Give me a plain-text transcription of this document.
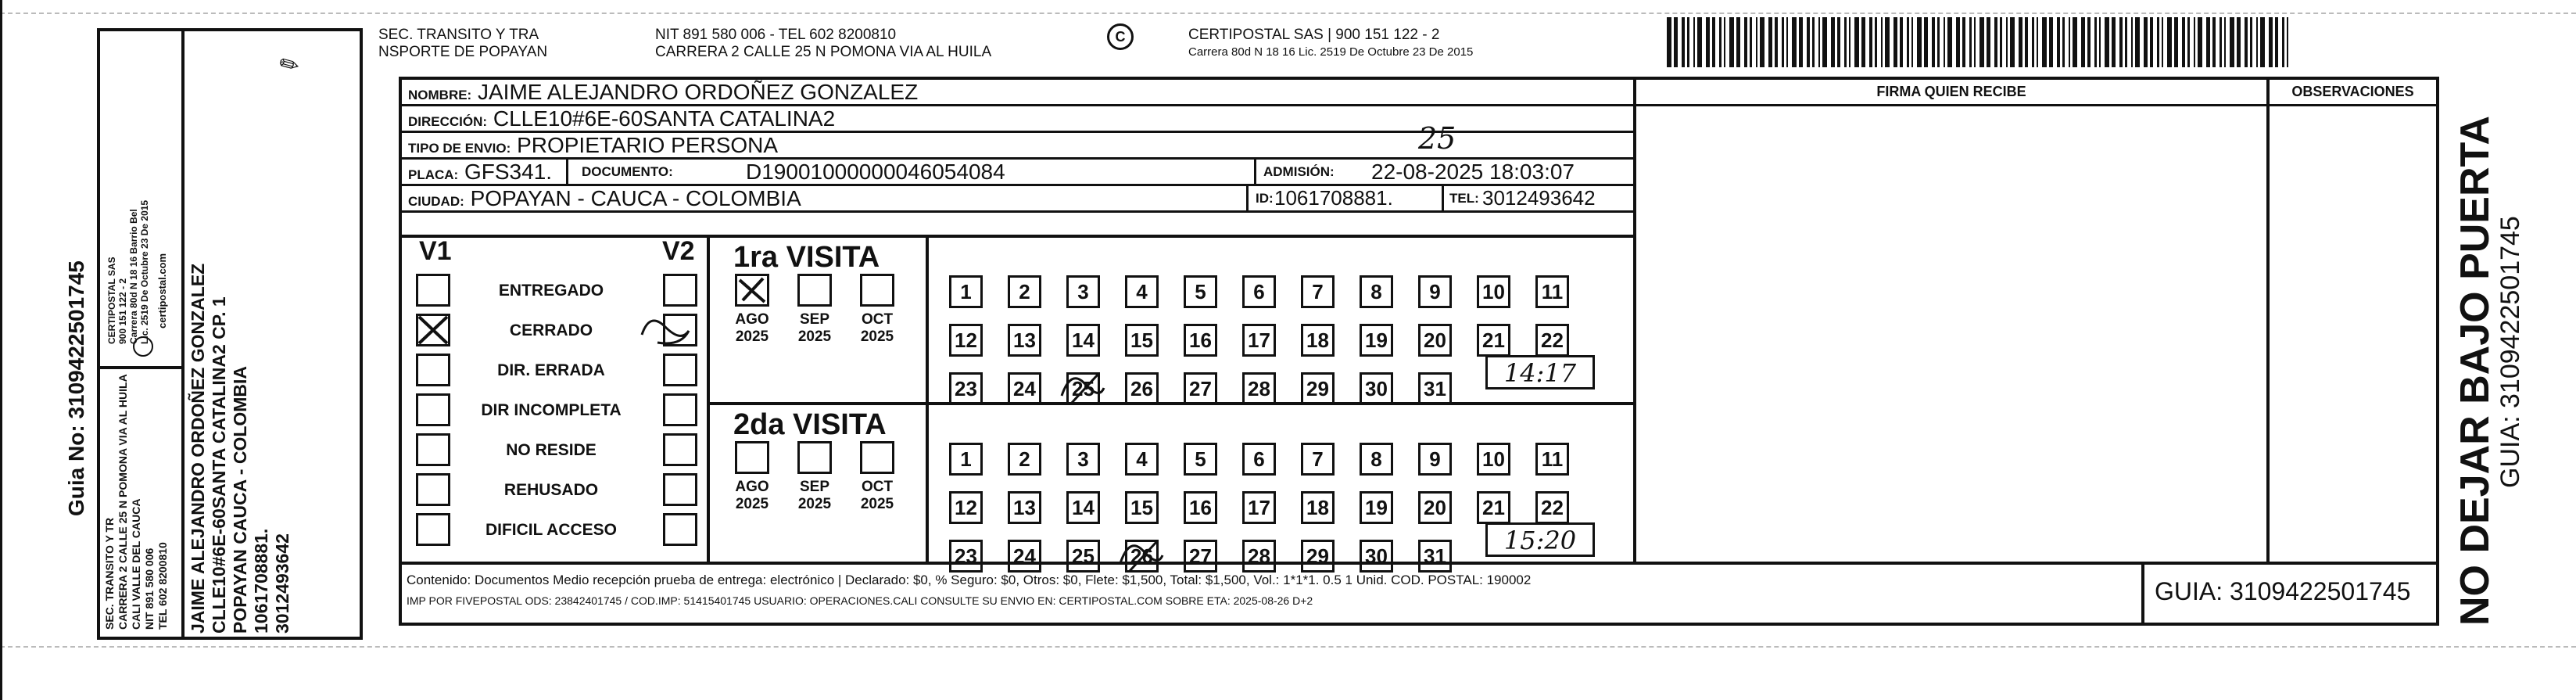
Guia No: 3109422501745
SEC. TRANSITO Y TR CARRERA 2 CALLE 25 N POMONA VIA AL HUILA CALI VALLE DEL CAUCA NIT 891 580 006 TEL 602 8200810
CERTIPOSTAL SAS 900 151 122 - 2 Carrera 80d N 18 16 Barrio Bel Lic. 2519 De Octubre 23 De 2015 certipostal.com JAIME ALEJANDRO ORDOÑEZ GONZALEZ CLLE10#6E-60SANTA CATALINA2 CP. 1 POPAYAN CAUCA - COLOMBIA 1061708881. 3012493642
✎
SEC. TRANSITO Y TRA
NSPORTE DE POPAYAN
NIT 891 580 006 - TEL 602 8200810
CARRERA 2 CALLE 25 N POMONA VIA AL HUILA
C	CERTIPOSTAL SAS | 900 151 122 - 2
Carrera 80d N 18 16 Lic. 2519 De Octubre 23 De 2015
NOMBRE: JAIME ALEJANDRO ORDOÑEZ GONZALEZ
DIRECCIÓN: CLLE10#6E-60SANTA CATALINA2
TIPO DE ENVIO: PROPIETARIO PERSONA	25
PLACA: GFS341. DOCUMENTO:	D19001000000046054084	ADMISIÓN: 22-08-2025 18:03:07
CIUDAD: POPAYAN - CAUCA - COLOMBIA	ID: 1061708881.	TEL: 3012493642
FIRMA QUIEN RECIBE	OBSERVACIONES
V1	V2
ENTREGADO
CERRADO
DIR. ERRADA
DIR INCOMPLETA
NO RESIDE
REHUSADO
DIFICIL ACCESO
1ra VISITA
AGO
2025
SEP
2025
OCT
2025
1	2	3	4	5	6	7	8	9	10 11
12 13 14 15 16 17 18 19 20 21 22
23 24 25 26 27 28 29 30 31
14:17
2da VISITA
AGO
2025
SEP
2025
OCT
2025
1	2	3	4	5	6	7	8	9	10 11
12 13 14 15 16 17 18 19 20 21 22
23 24 25 26 27 28 29 30 31
15:20
Contenido: Documentos Medio recepción prueba de entrega: electrónico | Declarado: $0, % Seguro: $0, Otros: $0, Flete: $1,500, Total: $1,500, Vol.: 1*1*1. 0.5 1 Unid. COD. POSTAL: 190002
IMP POR FIVEPOSTAL ODS: 23842401745 / COD.IMP: 51415401745 USUARIO: OPERACIONES.CALI CONSULTE SU ENVIO EN: CERTIPOSTAL.COM SOBRE ETA: 2025-08-26 D+2	GUIA: 3109422501745 NO DEJAR BAJO PUERTA
GUIA: 3109422501745
